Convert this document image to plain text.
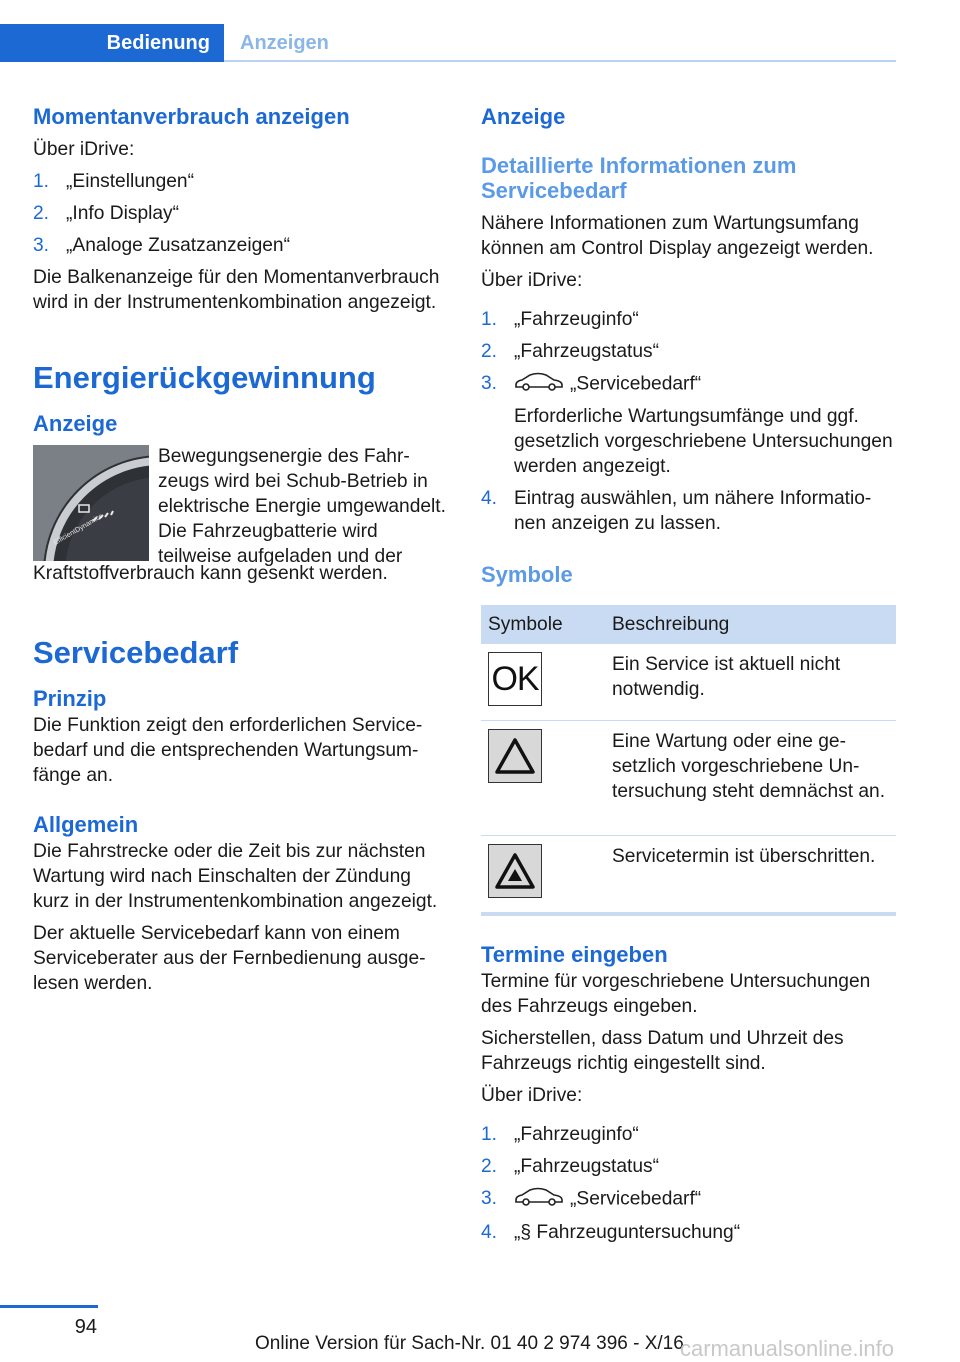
Bedienung	Anzeigen
Momentanverbrauch anzeigen

Über iDrive:

1. „Einstellungen“
2. „Info Display“
3. „Analoge Zusatzanzeigen“

Die Balkenanzeige für den Momentanverbrauch wird in der Instrumentenkombination angezeigt.

Energierückgewinnung
Anzeige
EfficientDynamics

Bewegungsenergie des Fahrzeugs wird bei Schub-Betrieb in elektrische Energie umgewandelt. Die Fahrzeugbatterie wird teilweise aufgeladen und der

Kraftstoffverbrauch kann gesenkt werden.

Servicebedarf
Prinzip

Die Funktion zeigt den erforderlichen Servicebedarf und die entsprechenden Wartungsumfänge an.

Allgemein

Die Fahrstrecke oder die Zeit bis zur nächsten Wartung wird nach Einschalten der Zündung kurz in der Instrumentenkombination angezeigt.

Der aktuelle Servicebedarf kann von einem Serviceberater aus der Fernbedienung ausgelesen werden.

Anzeige
Detaillierte Informationen zum Servicebedarf

Nähere Informationen zum Wartungsumfang können am Control Display angezeigt werden.

Über iDrive:

1. „Fahrzeuginfo“
2. „Fahrzeugstatus“
3.	„Servicebedarf“
Erforderliche Wartungsumfänge und ggf. gesetzlich vorgeschriebene Untersuchungen werden angezeigt.
4. Eintrag auswählen, um nähere Informationen anzeigen zu lassen.
Symbole
Symbole	Beschreibung

OK	Ein Service ist aktuell nicht notwendig.

	Eine Wartung oder eine gesetzlich vorgeschriebene Untersuchung steht demnächst an.

	Servicetermin ist überschritten.
Termine eingeben

Termine für vorgeschriebene Untersuchungen des Fahrzeugs eingeben.

Sicherstellen, dass Datum und Uhrzeit des Fahrzeugs richtig eingestellt sind.

Über iDrive:

1. „Fahrzeuginfo“
2. „Fahrzeugstatus“
3.	„Servicebedarf“
4. „§ Fahrzeuguntersuchung“
94
Online Version für Sach-Nr. 01 40 2 974 396 - X/16
carmanualsonline.info
